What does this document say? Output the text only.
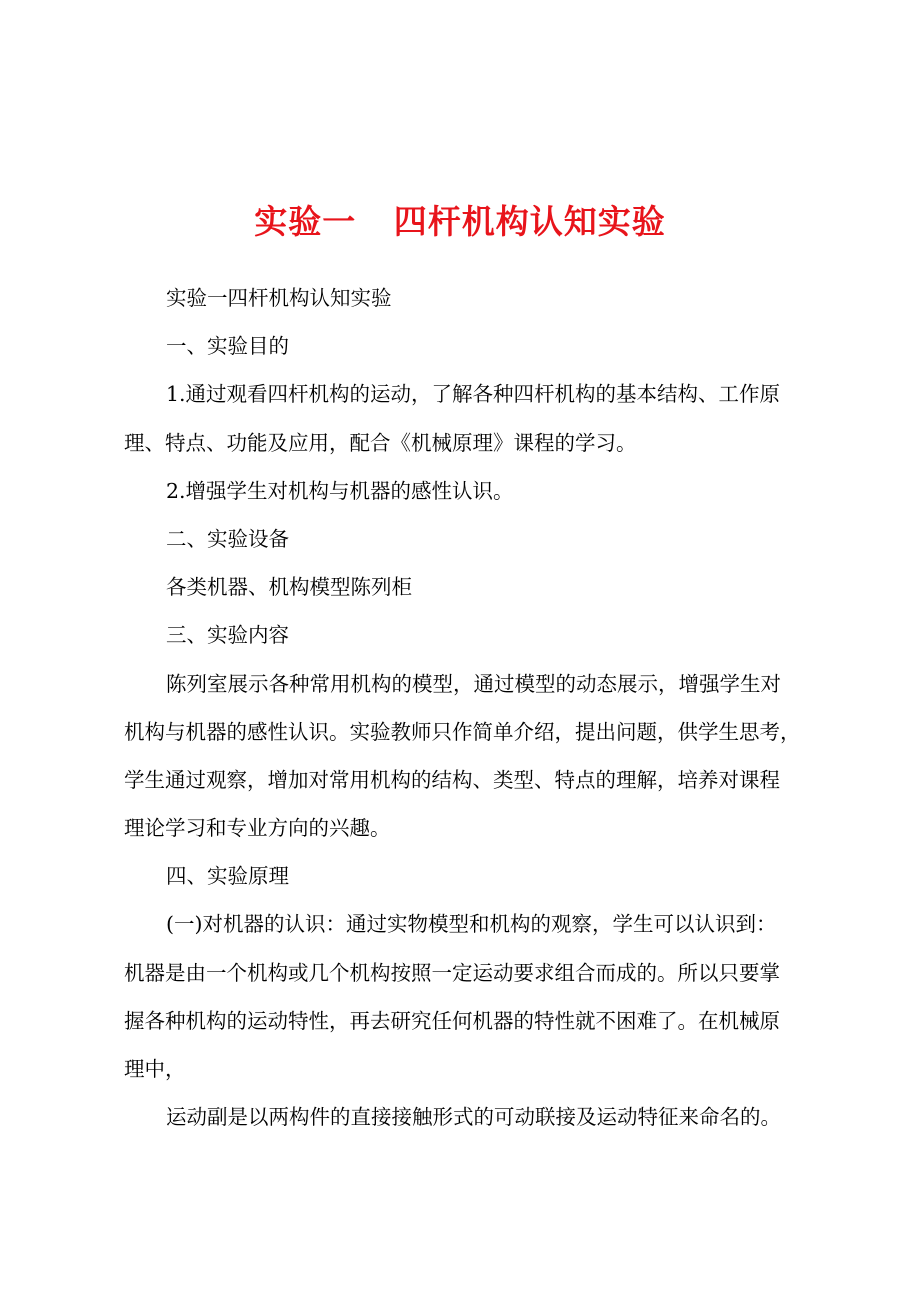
实验一   四杆机构认知实验
实验一四杆机构认知实验
一、实验目的
1.通过观看四杆机构的运动，了解各种四杆机构的基本结构、工作原
理、特点、功能及应用，配合《机械原理》课程的学习。
2.增强学生对机构与机器的感性认识。
二、实验设备
各类机器、机构模型陈列柜
三、实验内容
陈列室展示各种常用机构的模型，通过模型的动态展示，增强学生对
机构与机器的感性认识。实验教师只作简单介绍，提出问题，供学生思考，
学生通过观察，增加对常用机构的结构、类型、特点的理解，培养对课程
理论学习和专业方向的兴趣。
四、实验原理
(一)对机器的认识：通过实物模型和机构的观察，学生可以认识到：
机器是由一个机构或几个机构按照一定运动要求组合而成的。所以只要掌
握各种机构的运动特性，再去研究任何机器的特性就不困难了。在机械原
理中，
运动副是以两构件的直接接触形式的可动联接及运动特征来命名的。
